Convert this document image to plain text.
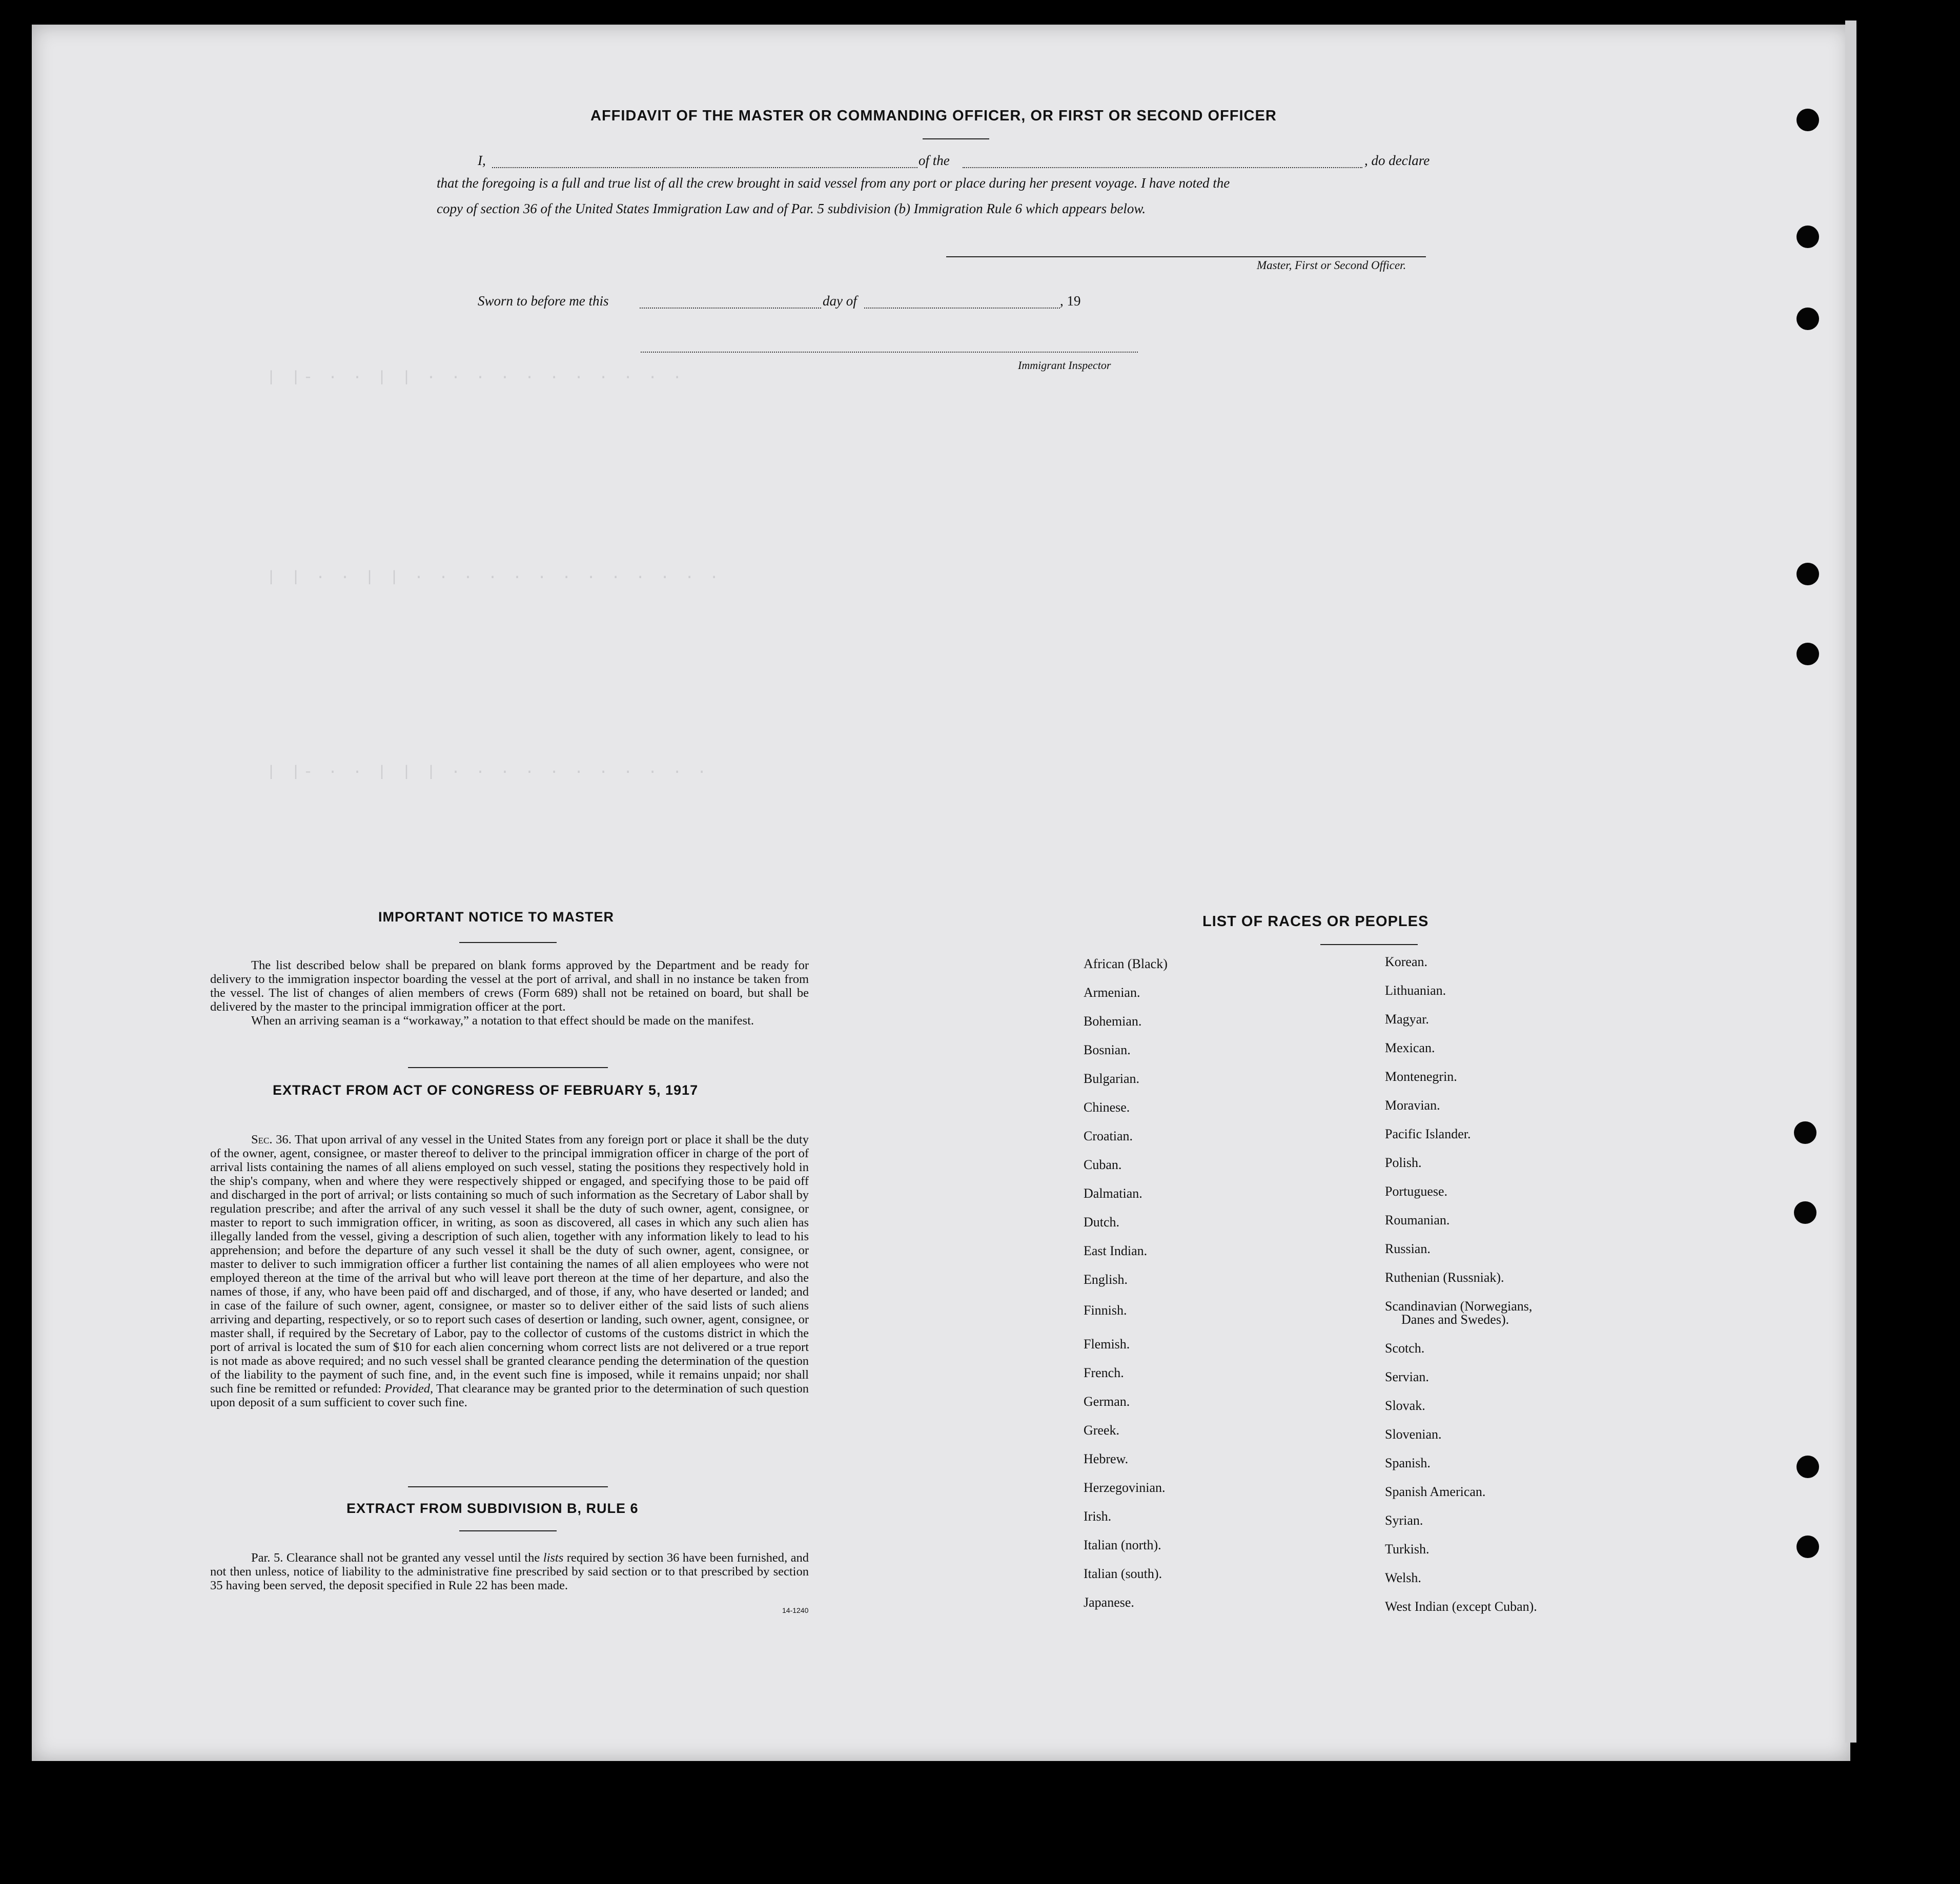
| |- · · | | · · · · · · · · · · ·
| | · · | | · · · · · · · · · · · · ·
| |- · · | | | · · · · · · · · · · ·
AFFIDAVIT OF THE MASTER OR COMMANDING OFFICER, OR FIRST OR SECOND OFFICER
I,	of the	, do declare
that the foregoing is a full and true list of all the crew brought in said vessel from any port or place during her present voyage. I have noted the
copy of section 36 of the United States Immigration Law and of Par. 5 subdivision (b) Immigration Rule 6 which appears below.
Master, First or Second Officer.
Sworn to before me this	day of	, 19
Immigrant Inspector
IMPORTANT NOTICE TO MASTER

The list described below shall be prepared on blank forms approved by the Department and be ready for delivery to the immigration inspector boarding the vessel at the port of arrival, and shall in no instance be taken from the vessel. The list of changes of alien members of crews (Form 689) shall not be retained on board, but shall be delivered by the master to the principal immigration officer at the port.

When an arriving seaman is a “workaway,” a notation to that effect should be made on the manifest.

EXTRACT FROM ACT OF CONGRESS OF FEBRUARY 5, 1917

Sec. 36. That upon arrival of any vessel in the United States from any foreign port or place it shall be the duty of the owner, agent, consignee, or master thereof to deliver to the principal immigration officer in charge of the port of arrival lists containing the names of all aliens employed on such vessel, stating the positions they respectively hold in the ship's company, when and where they were respectively shipped or engaged, and specifying those to be paid off and discharged in the port of arrival; or lists containing so much of such information as the Secretary of Labor shall by regulation prescribe; and after the arrival of any such vessel it shall be the duty of such owner, agent, consignee, or master to report to such immigration officer, in writing, as soon as discovered, all cases in which any such alien has illegally landed from the vessel, giving a description of such alien, together with any information likely to lead to his apprehension; and before the departure of any such vessel it shall be the duty of such owner, agent, consignee, or master to deliver to such immigration officer a further list containing the names of all alien employees who were not employed thereon at the time of the arrival but who will leave port thereon at the time of her departure, and also the names of those, if any, who have been paid off and discharged, and of those, if any, who have deserted or landed; and in case of the failure of such owner, agent, consignee, or master so to deliver either of the said lists of such aliens arriving and departing, respectively, or so to report such cases of desertion or landing, such owner, agent, consignee, or master shall, if required by the Secretary of Labor, pay to the collector of customs of the customs district in which the port of arrival is located the sum of $10 for each alien concerning whom correct lists are not delivered or a true report is not made as above required; and no such vessel shall be granted clearance pending the determination of the question of the liability to the payment of such fine, and, in the event such fine is imposed, while it remains unpaid; nor shall such fine be remitted or refunded: Provided, That clearance may be granted prior to the determination of such question upon deposit of a sum sufficient to cover such fine.

EXTRACT FROM SUBDIVISION B, RULE 6

Par. 5. Clearance shall not be granted any vessel until the lists required by section 36 have been furnished, and not then unless, notice of liability to the administrative fine prescribed by said section or to that prescribed by section 35 having been served, the deposit specified in Rule 22 has been made.

14-1240
LIST OF RACES OR PEOPLES
African (Black)
Armenian.
Bohemian.
Bosnian.
Bulgarian.
Chinese.
Croatian.
Cuban.
Dalmatian.
Dutch.
East Indian.
English.
Finnish.
Flemish.
French.
German.
Greek.
Hebrew.
Herzegovinian.
Irish.
Italian (north).
Italian (south).
Japanese.
Korean.
Lithuanian.
Magyar.
Mexican.
Montenegrin.
Moravian.
Pacific Islander.
Polish.
Portuguese.
Roumanian.
Russian.
Ruthenian (Russniak).
Scandinavian (Norwegians,
Danes and Swedes).
Scotch.
Servian.
Slovak.
Slovenian.
Spanish.
Spanish American.
Syrian.
Turkish.
Welsh.
West Indian (except Cuban).
